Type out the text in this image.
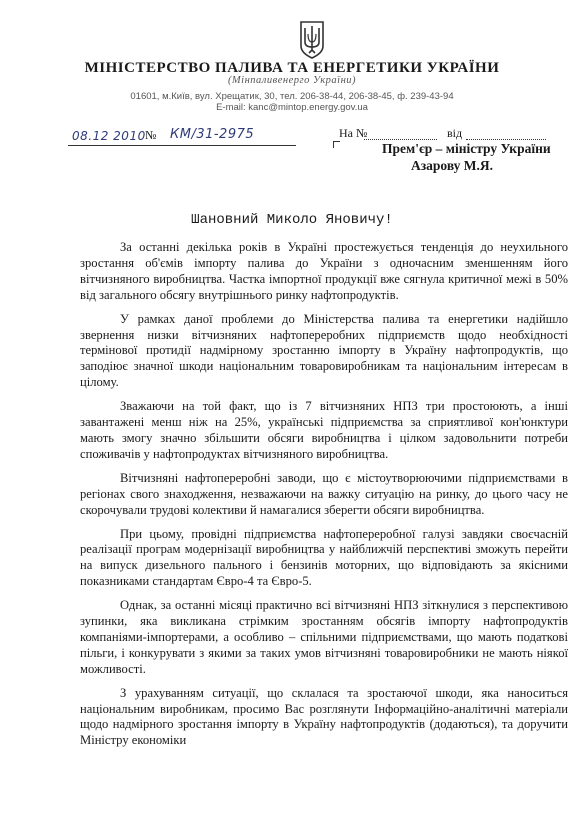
МІНІСТЕРСТВО ПАЛИВА ТА ЕНЕРГЕТИКИ УКРАЇНИ
(Мінпаливенерго України)
01601, м.Київ, вул. Хрещатик, 30, тел. 206-38-44, 206-38-45, ф. 239-43-94
E-mail: kanc@mintop.energy.gov.ua
08.12 2010 № КМ/31-2975	На №	від
Прем'єр – міністру України
Азарову М.Я.
Шановний Миколо Яновичу!

За останні декілька років в Україні простежується тенденція до неухильного зростання об'ємів імпорту палива до України з одночасним зменшенням його вітчизняного виробництва. Частка імпортної продукції вже сягнула критичної межі в 50% від загального обсягу внутрішнього ринку нафтопродуктів.

У рамках даної проблеми до Міністерства палива та енергетики надійшло звернення низки вітчизняних нафтопереробних підприємств щодо необхідності термінової протидії надмірному зростанню імпорту в Україну нафтопродуктів, що заподіює значної шкоди національним товаровиробникам та національним інтересам в цілому.

Зважаючи на той факт, що із 7 вітчизняних НПЗ три простоюють, а інші завантажені менш ніж на 25%, українські підприємства за сприятливої кон'юнктури мають змогу значно збільшити обсяги виробництва і цілком задовольнити потреби споживачів у нафтопродуктах вітчизняного виробництва.

Вітчизняні нафтопереробні заводи, що є містоутворюючими підприємствами в регіонах свого знаходження, незважаючи на важку ситуацію на ринку, до цього часу не скорочували трудові колективи й намагалися зберегти обсяги виробництва.

При цьому, провідні підприємства нафтопереробної галузі завдяки своєчасній реалізації програм модернізації виробництва у найближчій перспективі зможуть перейти на випуск дизельного пального і бензинів моторних, що відповідають за якісними показниками стандартам Євро-4 та Євро-5.

Однак, за останні місяці практично всі вітчизняні НПЗ зіткнулися з перспективою зупинки, яка викликана стрімким зростанням обсягів імпорту нафтопродуктів компаніями-імпортерами, а особливо – спільними підприємствами, що мають податкові пільги, і конкурувати з якими за таких умов вітчизняні товаровиробники не мають ніякої можливості.

З урахуванням ситуації, що склалася та зростаючої шкоди, яка наноситься національним виробникам, просимо Вас розглянути Інформаційно-аналітичні матеріали щодо надмірного зростання імпорту в Україну нафтопродуктів (додаються), та доручити Міністру економіки
